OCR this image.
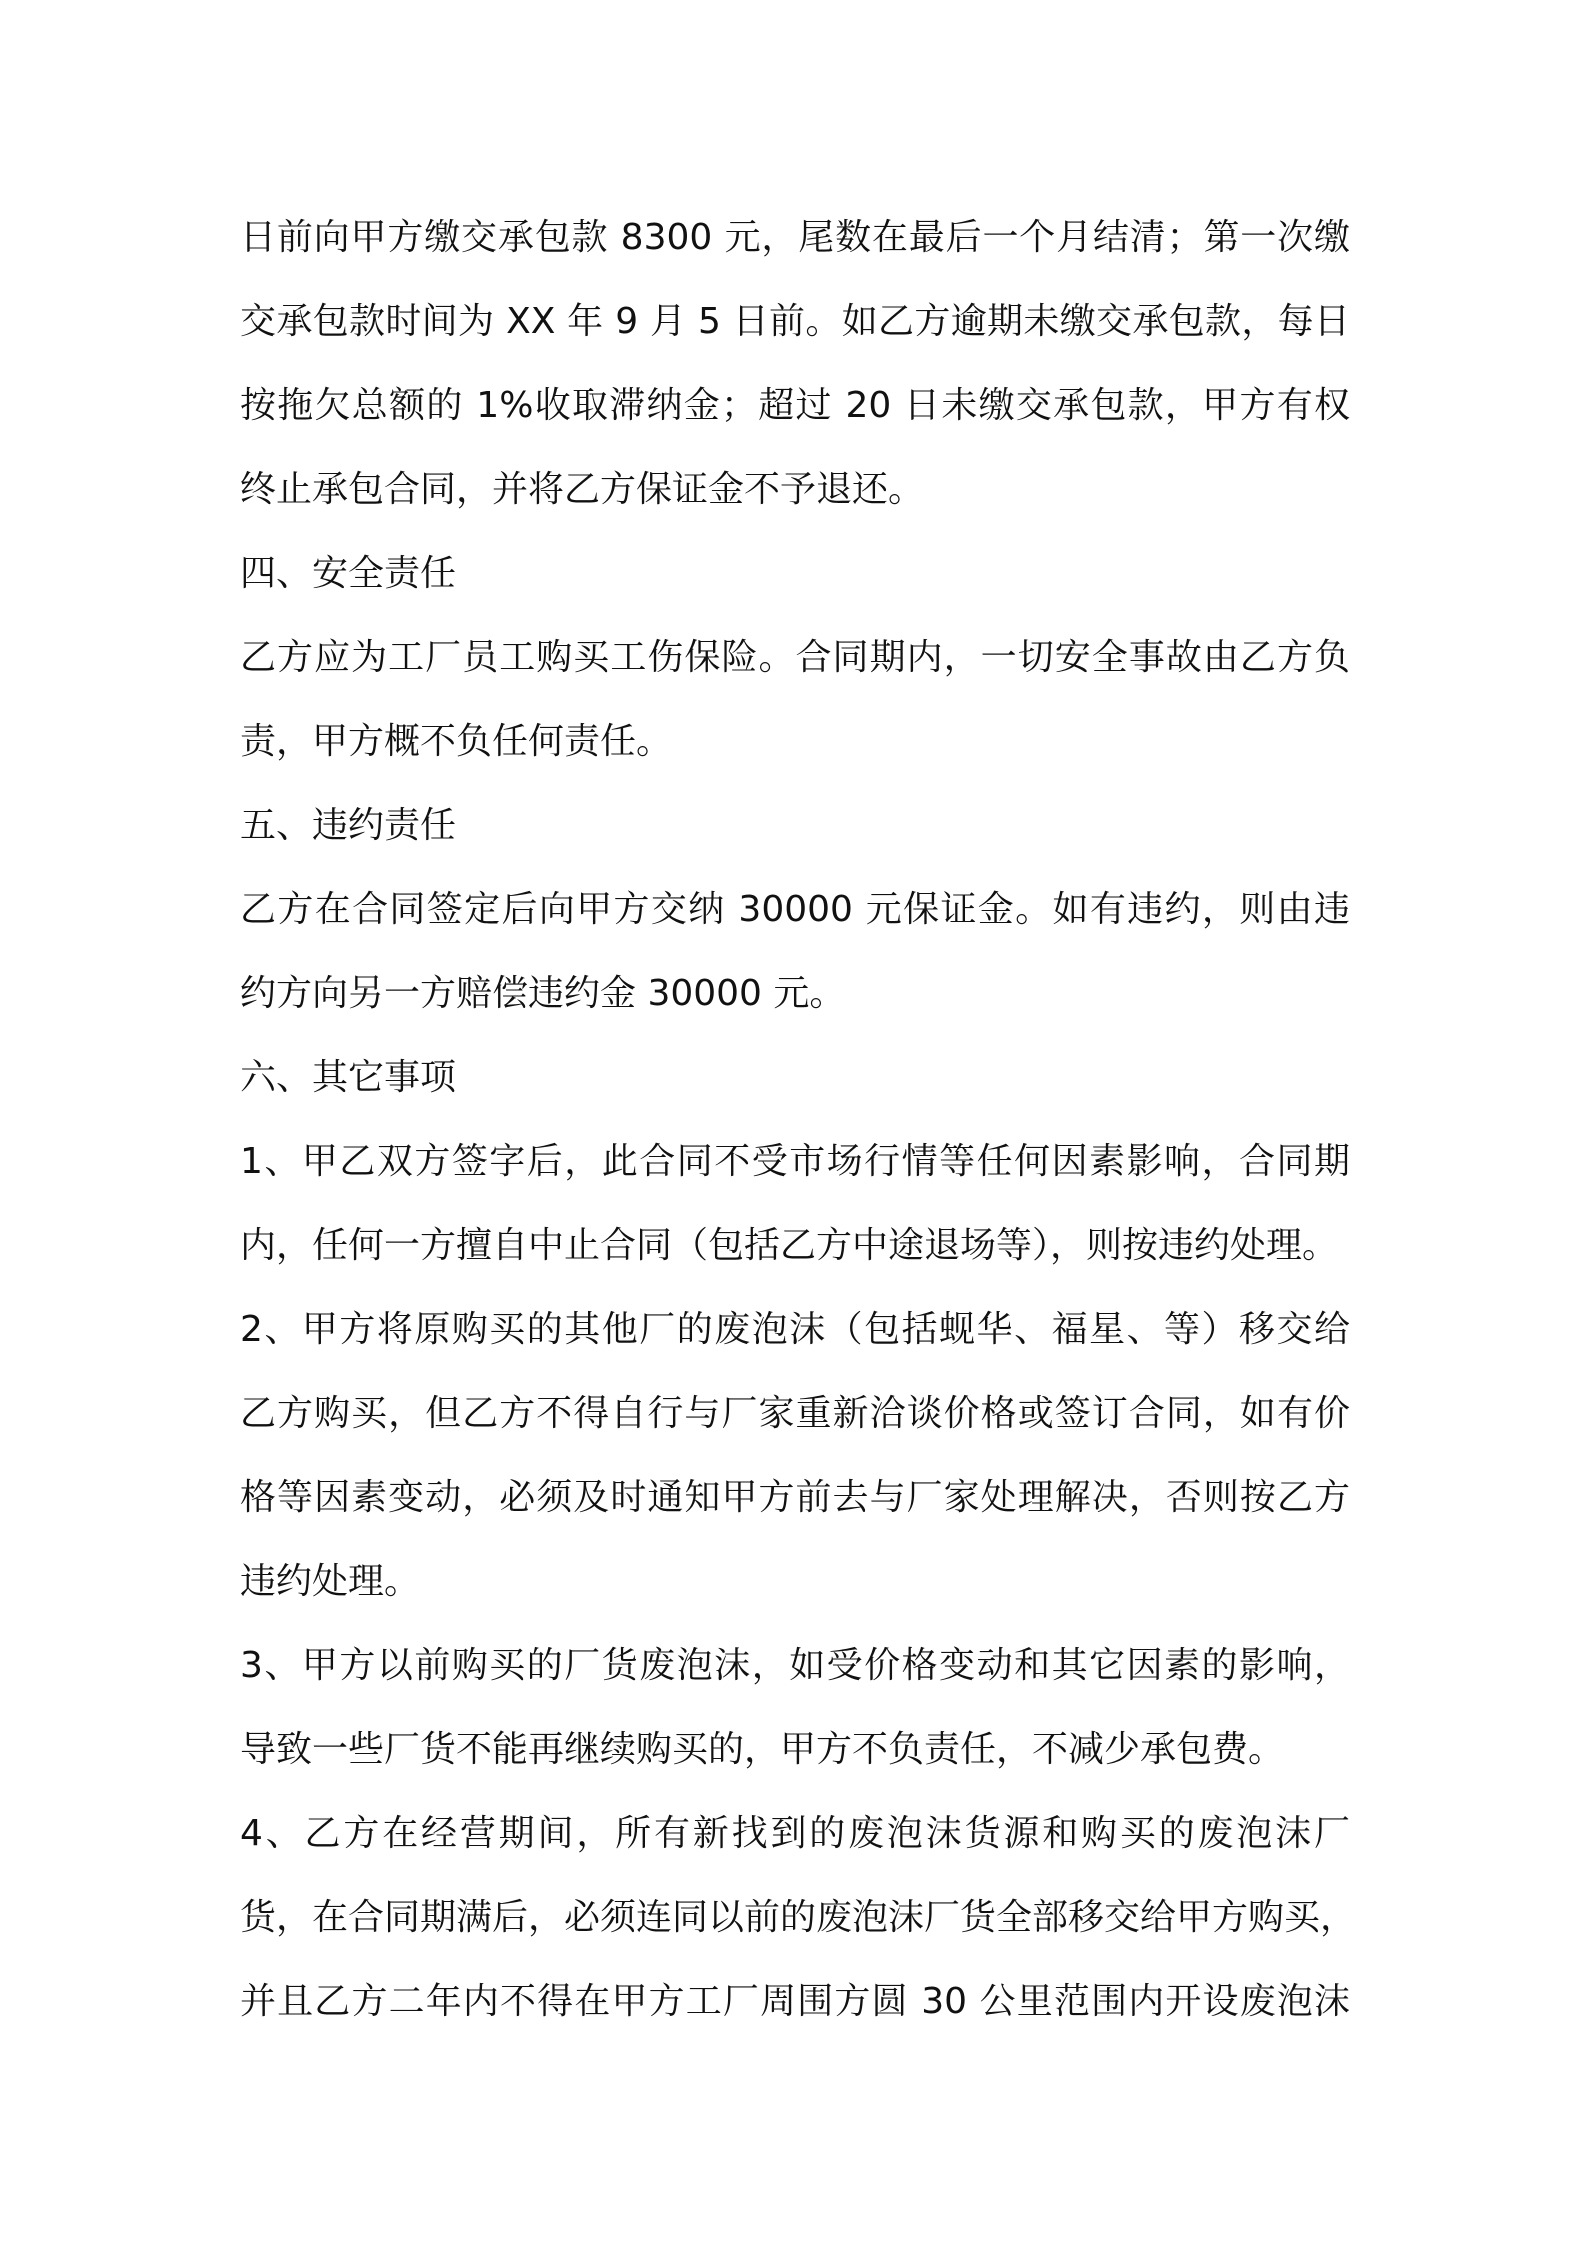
日前向甲方缴交承包款 8300 元，尾数在最后一个月结清；第一次缴
交承包款时间为 XX 年 9 月 5 日前。如乙方逾期未缴交承包款，每日
按拖欠总额的 1%收取滞纳金；超过 20 日未缴交承包款，甲方有权
终止承包合同，并将乙方保证金不予退还。
四、安全责任
乙方应为工厂员工购买工伤保险。合同期内，一切安全事故由乙方负
责，甲方概不负任何责任。
五、违约责任
乙方在合同签定后向甲方交纳 30000 元保证金。如有违约，则由违
约方向另一方赔偿违约金 30000 元。
六、其它事项
1、甲乙双方签字后，此合同不受市场行情等任何因素影响，合同期
内，任何一方擅自中止合同（包括乙方中途退场等），则按违约处理。
2、甲方将原购买的其他厂的废泡沫（包括蚬华、福星、等）移交给
乙方购买，但乙方不得自行与厂家重新洽谈价格或签订合同，如有价
格等因素变动，必须及时通知甲方前去与厂家处理解决，否则按乙方
违约处理。
3、甲方以前购买的厂货废泡沫，如受价格变动和其它因素的影响，
导致一些厂货不能再继续购买的，甲方不负责任，不减少承包费。
4、乙方在经营期间，所有新找到的废泡沫货源和购买的废泡沫厂
货，在合同期满后，必须连同以前的废泡沫厂货全部移交给甲方购买，
并且乙方二年内不得在甲方工厂周围方圆 30 公里范围内开设废泡沫
